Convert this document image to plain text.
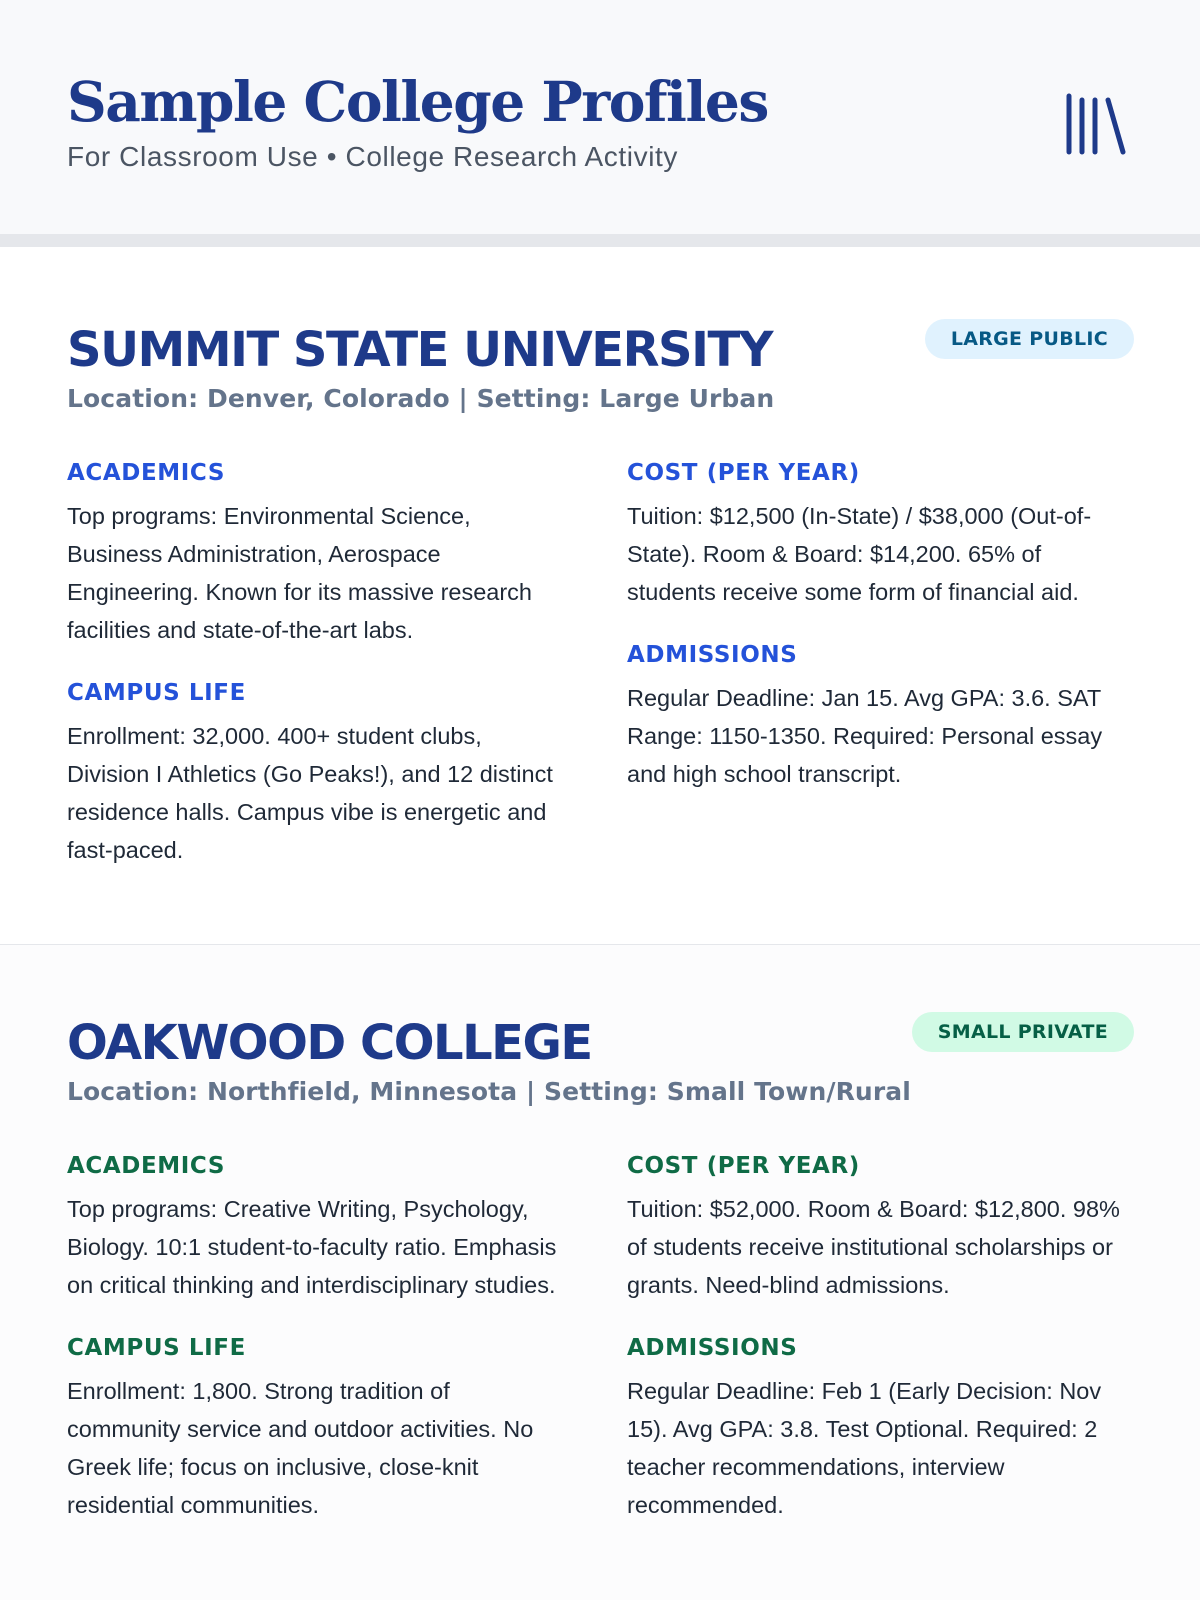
Sample College Profiles
For Classroom Use • College Research Activity
SUMMIT STATE UNIVERSITY
Location: Denver, Colorado | Setting: Large Urban
LARGE PUBLIC
ACADEMICS

Top programs: Environmental Science, Business Administration, Aerospace Engineering. Known for its massive research facilities and state-of-the-art labs.

CAMPUS LIFE

Enrollment: 32,000. 400+ student clubs, Division I Athletics (Go Peaks!), and 12 distinct residence halls. Campus vibe is energetic and fast-paced.

COST (PER YEAR)

Tuition: $12,500 (In-State) / $38,000 (Out-of-State). Room & Board: $14,200. 65% of students receive some form of financial aid.

ADMISSIONS

Regular Deadline: Jan 15. Avg GPA: 3.6. SAT Range: 1150-1350. Required: Personal essay and high school transcript.

OAKWOOD COLLEGE
Location: Northfield, Minnesota | Setting: Small Town/Rural
SMALL PRIVATE
ACADEMICS

Top programs: Creative Writing, Psychology, Biology. 10:1 student-to-faculty ratio. Emphasis on critical thinking and interdisciplinary studies.

CAMPUS LIFE

Enrollment: 1,800. Strong tradition of community service and outdoor activities. No Greek life; focus on inclusive, close-knit residential communities.

COST (PER YEAR)

Tuition: $52,000. Room & Board: $12,800. 98% of students receive institutional scholarships or grants. Need-blind admissions.

ADMISSIONS

Regular Deadline: Feb 1 (Early Decision: Nov 15). Avg GPA: 3.8. Test Optional. Required: 2 teacher recommendations, interview recommended.
